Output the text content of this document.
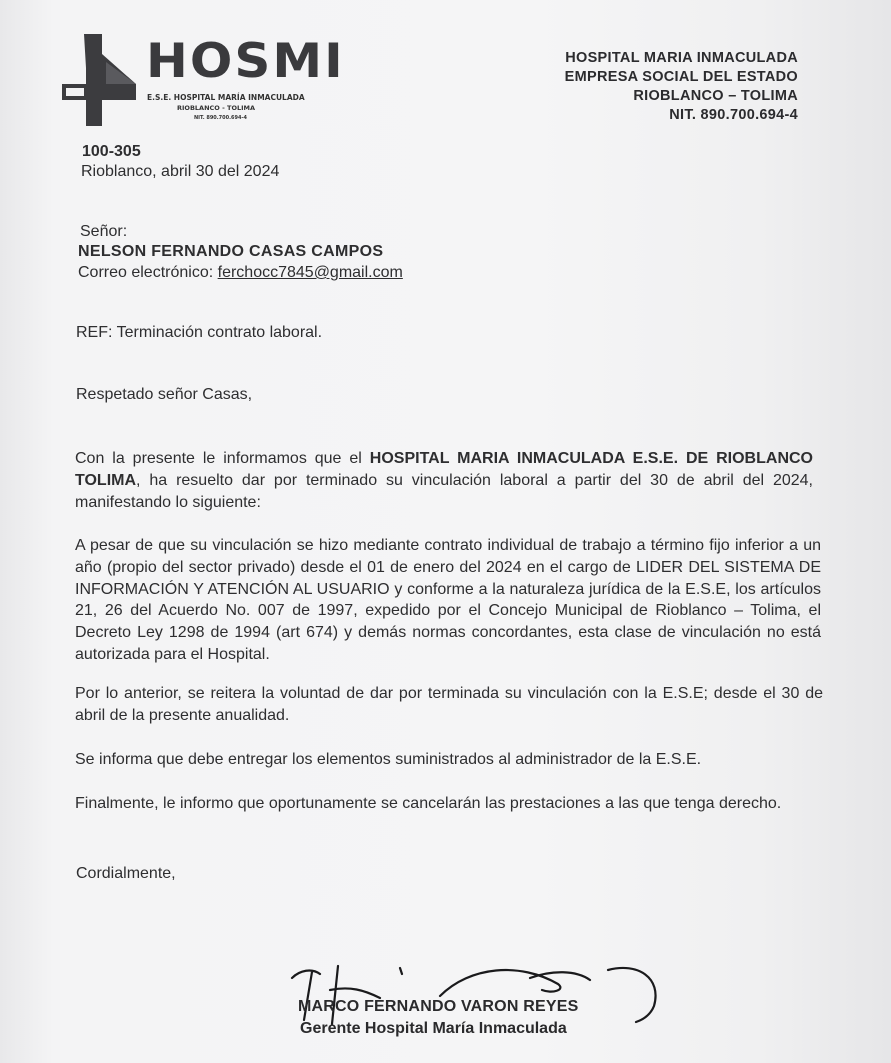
HOSMI
E.S.E. HOSPITAL MARÍA INMACULADA
RIOBLANCO - TOLIMA
NIT. 890.700.694-4
HOSPITAL MARIA INMACULADA
EMPRESA SOCIAL DEL ESTADO
RIOBLANCO – TOLIMA
NIT. 890.700.694-4
100-305
Rioblanco, abril 30 del 2024
Señor:
NELSON FERNANDO CASAS CAMPOS
Correo electrónico: ferchocc7845@gmail.com
REF: Terminación contrato laboral.
Respetado señor Casas,
Con la presente le informamos que el HOSPITAL MARIA INMACULADA E.S.E. DE RIOBLANCO TOLIMA, ha resuelto dar por terminado su vinculación laboral a partir del 30 de abril del 2024, manifestando lo siguiente:
A pesar de que su vinculación se hizo mediante contrato individual de trabajo a término fijo inferior a un año (propio del sector privado) desde el 01 de enero del 2024 en el cargo de LIDER DEL SISTEMA DE INFORMACIÓN Y ATENCIÓN AL USUARIO y conforme a la naturaleza jurídica de la E.S.E, los artículos 21, 26 del Acuerdo No. 007 de 1997, expedido por el Concejo Municipal de Rioblanco – Tolima, el Decreto Ley 1298 de 1994 (art 674) y demás normas concordantes, esta clase de vinculación no está autorizada para el Hospital.
Por lo anterior, se reitera la voluntad de dar por terminada su vinculación con la E.S.E; desde el 30 de abril de la presente anualidad.
Se informa que debe entregar los elementos suministrados al administrador de la E.S.E.
Finalmente, le informo que oportunamente se cancelarán las prestaciones a las que tenga derecho.
Cordialmente,
MARCO FERNANDO VARON REYES
Gerente Hospital María Inmaculada
